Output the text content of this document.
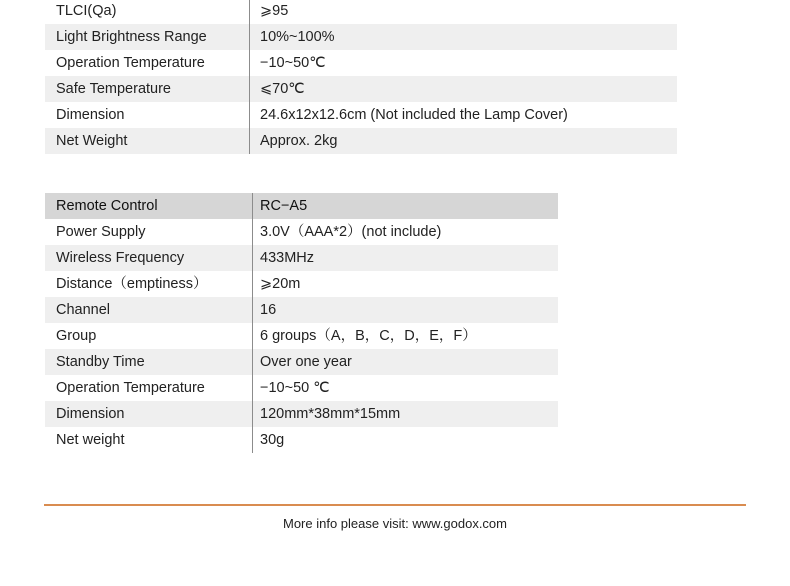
TLCI(Qa)	⩾95
Light Brightness Range	10%~100%
Operation Temperature	−10~50℃
Safe Temperature	⩽70℃
Dimension	24.6x12x12.6cm (Not included the Lamp Cover)
Net Weight	Approx. 2kg
Remote Control	RC−A5
Power Supply	3.0V（AAA*2）(not include)
Wireless Frequency	433MHz
Distance（emptiness）	⩾20m
Channel	16
Group	6 groups（A，B，C，D，E，F）
Standby Time	Over one year
Operation Temperature	−10~50 ℃
Dimension	120mm*38mm*15mm
Net weight	30g
More info please visit: www.godox.com
